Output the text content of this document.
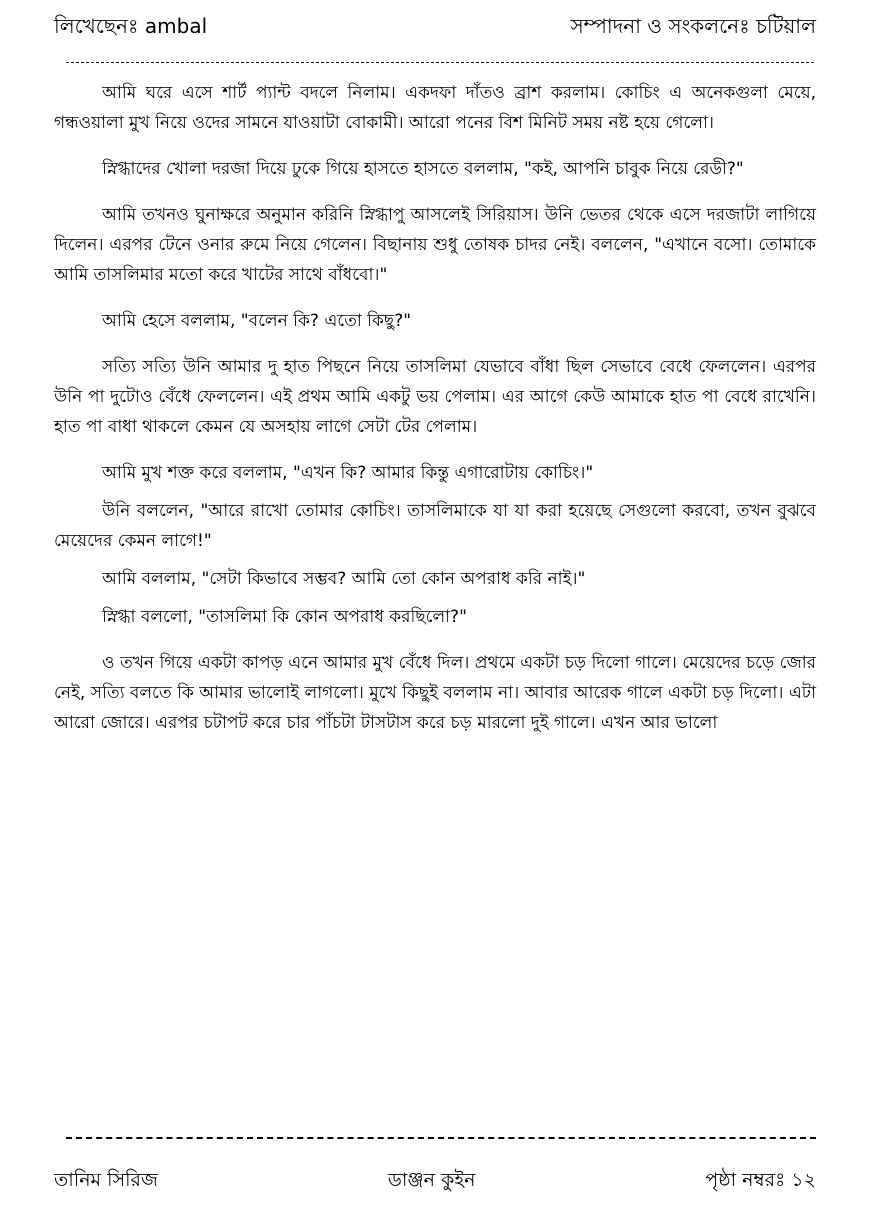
লিখেছেনঃ ambal	সম্পাদনা ও সংকলনেঃ চটিয়াল

আমি ঘরে এসে শার্ট প্যান্ট বদলে নিলাম। একদফা দাঁতও ব্রাশ করলাম। কোচিং এ অনেকগুলা মেয়ে, গন্ধওয়ালা মুখ নিয়ে ওদের সামনে যাওয়াটা বোকামী। আরো পনের বিশ মিনিট সময় নষ্ট হয়ে গেলো।

স্নিগ্ধাদের খোলা দরজা দিয়ে ঢুকে গিয়ে হাসতে হাসতে বললাম, "কই, আপনি চাবুক নিয়ে রেডী?"

আমি তখনও ঘুনাক্ষরে অনুমান করিনি স্নিগ্ধাপু আসলেই সিরিয়াস। উনি ভেতর থেকে এসে দরজাটা লাগিয়ে দিলেন। এরপর টেনে ওনার রুমে নিয়ে গেলেন। বিছানায় শুধু তোষক চাদর নেই। বললেন, "এখানে বসো। তোমাকে আমি তাসলিমার মতো করে খাটের সাথে বাঁধবো।"

আমি হেসে বললাম, "বলেন কি? এতো কিছু?"

সত্যি সত্যি উনি আমার দু হাত পিছনে নিয়ে তাসলিমা যেভাবে বাঁধা ছিল সেভাবে বেধে ফেললেন। এরপর উনি পা দুটোও বেঁধে ফেললেন। এই প্রথম আমি একটু ভয় পেলাম। এর আগে কেউ আমাকে হাত পা বেধে রাখেনি। হাত পা বাধা থাকলে কেমন যে অসহায় লাগে সেটা টের পেলাম।

আমি মুখ শক্ত করে বললাম, "এখন কি? আমার কিন্তু এগারোটায় কোচিং।"

উনি বললেন, "আরে রাখো তোমার কোচিং। তাসলিমাকে যা যা করা হয়েছে সেগুলো করবো, তখন বুঝবে মেয়েদের কেমন লাগে!"

আমি বললাম, "সেটা কিভাবে সম্ভব? আমি তো কোন অপরাধ করি নাই।"

স্নিগ্ধা বললো, "তাসলিমা কি কোন অপরাধ করছিলো?"

ও তখন গিয়ে একটা কাপড় এনে আমার মুখ বেঁধে দিল। প্রথমে একটা চড় দিলো গালে। মেয়েদের চড়ে জোর নেই, সত্যি বলতে কি আমার ভালোই লাগলো। মুখে কিছুই বললাম না। আবার আরেক গালে একটা চড় দিলো। এটা আরো জোরে। এরপর চটাপট করে চার পাঁচটা টাসটাস করে চড় মারলো দুই গালে। এখন আর ভালো

তানিম সিরিজ	ডাঞ্জন কুইন	পৃষ্ঠা নম্বরঃ ১২
